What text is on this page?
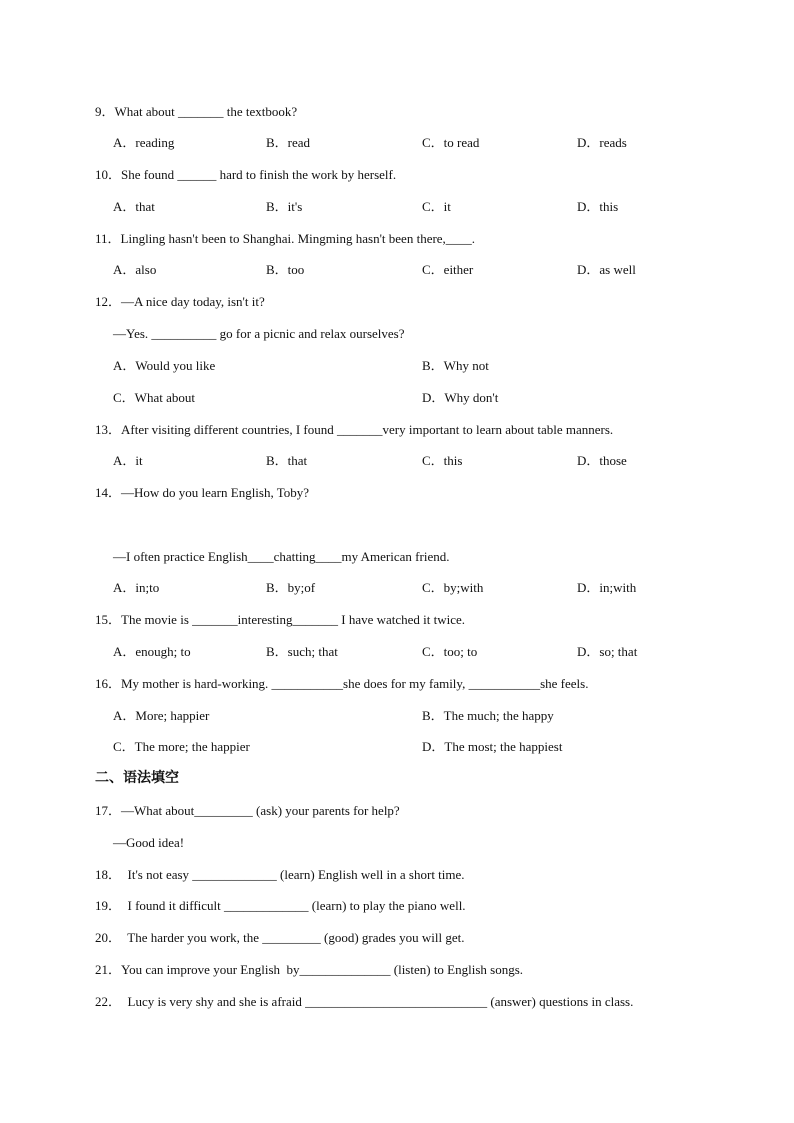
9．What about _______ the textbook?
A．reading	B．read	C．to read	D．reads
10．She found ______ hard to finish the work by herself.
A．that	B．it's	C．it	D．this
11．Lingling hasn't been to Shanghai. Mingming hasn't been there,____.
A．also	B．too	C．either	D．as well
12．—A nice day today, isn't it?
—Yes. __________ go for a picnic and relax ourselves?
A．Would you like	B．Why not
C．What about	D．Why don't
13．After visiting different countries, I found _______very important to learn about table manners.
A．it	B．that	C．this	D．those
14．—How do you learn English, Toby?
—I often practice English____chatting____my American friend.
A．in;to	B．by;of	C．by;with	D．in;with
15．The movie is _______interesting_______ I have watched it twice.
A．enough; to	B．such; that	C．too; to	D．so; that
16．My mother is hard-working. ___________she does for my family, ___________she feels.
A．More; happier	B．The much; the happy
C．The more; the happier	D．The most; the happiest
二、语法填空
17．—What about_________ (ask) your parents for help?
—Good idea!
18．  It's not easy _____________ (learn) English well in a short time.
19．  I found it difficult _____________ (learn) to play the piano well.
20．  The harder you work, the _________ (good) grades you will get.
21．You can improve your English  by______________ (listen) to English songs.
22．  Lucy is very shy and she is afraid ____________________________ (answer) questions in class.
